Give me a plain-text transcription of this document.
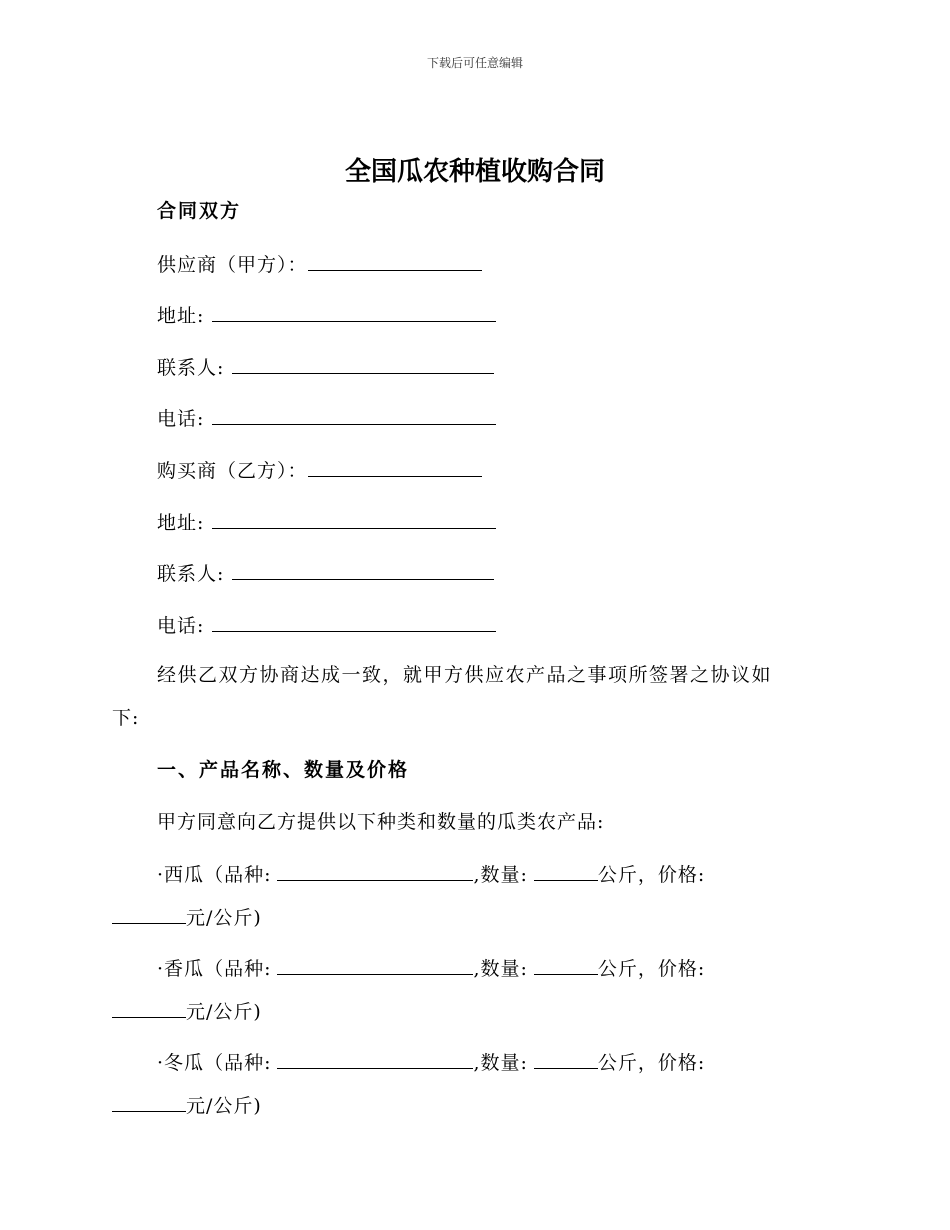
下载后可任意编辑
全国瓜农种植收购合同
合同双方
供应商（甲方）：
地址:
联系人:
电话:
购买商（乙方）：
地址:
联系人:
电话:
经供乙双方协商达成一致，就甲方供应农产品之事项所签署之协议如
下:
一、产品名称、数量及价格
甲方同意向乙方提供以下种类和数量的瓜类农产品:
·西瓜（品种:	,数量:	公斤，价格:
元/公斤)
·香瓜（品种:	,数量:	公斤，价格:
元/公斤)
·冬瓜（品种:	,数量:	公斤，价格:
元/公斤)
